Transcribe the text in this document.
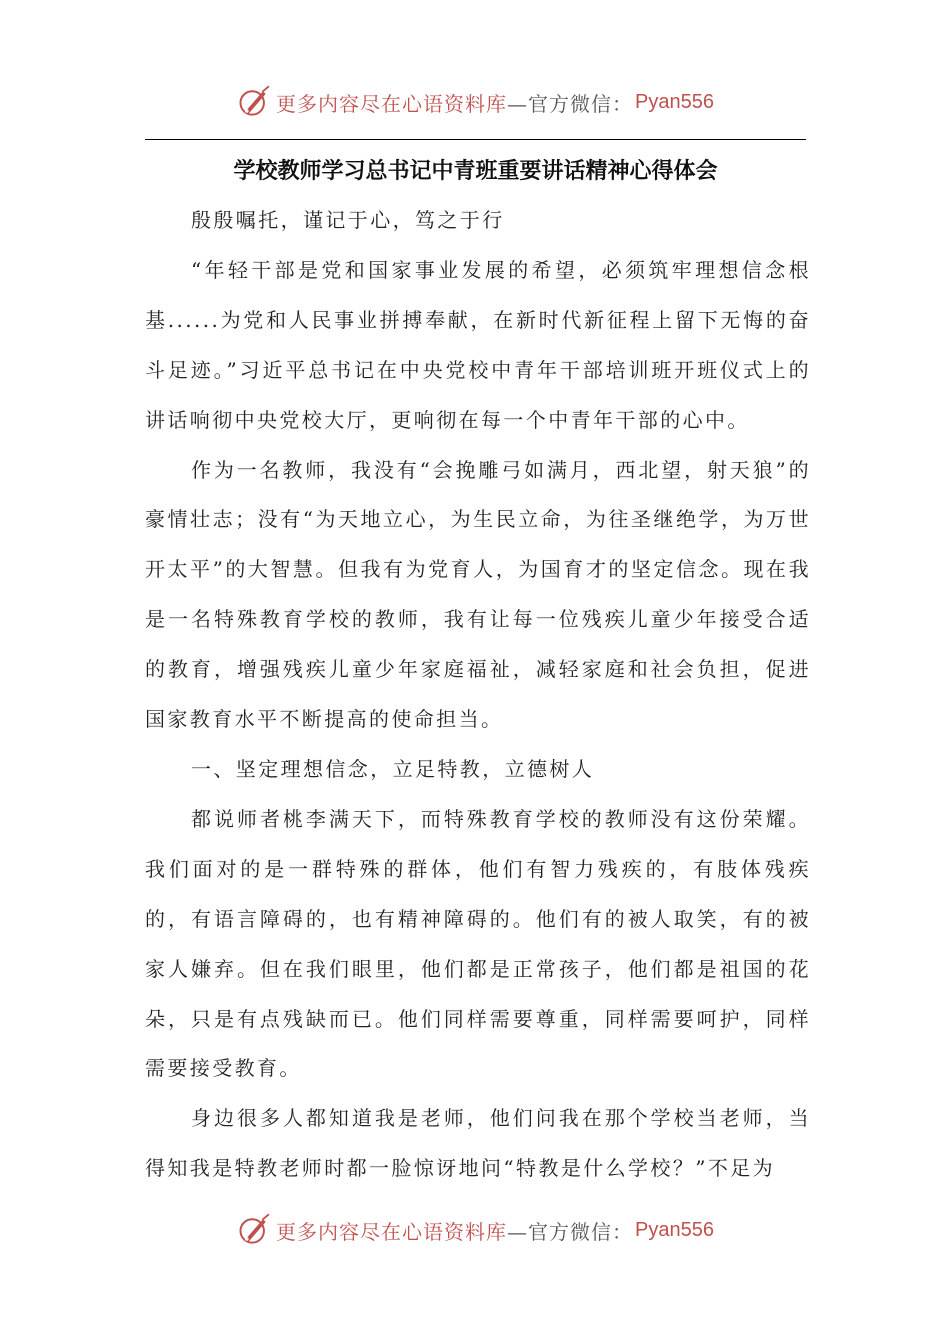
更多内容尽在心语资料库 —官方微信： Pyan556
学校教师学习总书记中青班重要讲话精神心得体会

殷殷嘱托，谨记于心，笃之于行

“年轻干部是党和国家事业发展的希望，必须筑牢理想信念根基......为党和人民事业拼搏奉献，在新时代新征程上留下无悔的奋斗足迹。”习近平总书记在中央党校中青年干部培训班开班仪式上的讲话响彻中央党校大厅，更响彻在每一个中青年干部的心中。

作为一名教师，我没有“会挽雕弓如满月，西北望，射天狼”的豪情壮志；没有“为天地立心，为生民立命，为往圣继绝学，为万世开太平”的大智慧。但我有为党育人，为国育才的坚定信念。现在我是一名特殊教育学校的教师，我有让每一位残疾儿童少年接受合适的教育，增强残疾儿童少年家庭福祉，减轻家庭和社会负担，促进国家教育水平不断提高的使命担当。

一、坚定理想信念，立足特教，立德树人

都说师者桃李满天下，而特殊教育学校的教师没有这份荣耀。我们面对的是一群特殊的群体，他们有智力残疾的，有肢体残疾的，有语言障碍的，也有精神障碍的。他们有的被人取笑，有的被家人嫌弃。但在我们眼里，他们都是正常孩子，他们都是祖国的花朵，只是有点残缺而已。他们同样需要尊重，同样需要呵护，同样需要接受教育。

身边很多人都知道我是老师，他们问我在那个学校当老师，当得知我是特教老师时都一脸惊讶地问“特教是什么学校？”不足为

更多内容尽在心语资料库 —官方微信： Pyan556
